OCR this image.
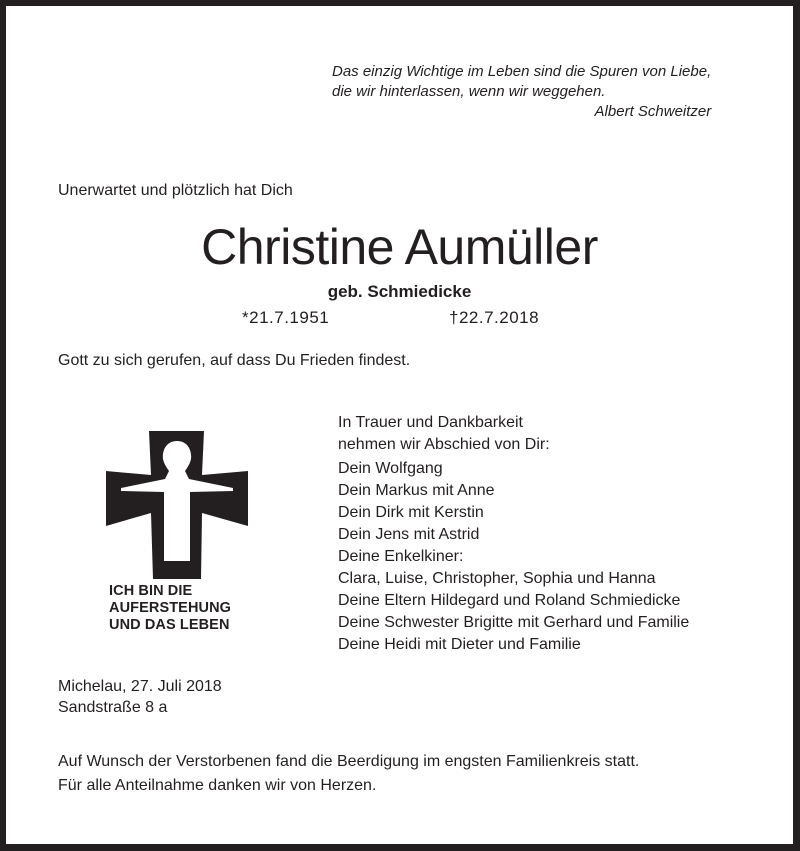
Das einzig Wichtige im Leben sind die Spuren von Liebe,
die wir hinterlassen, wenn wir weggehen.
Albert Schweitzer
Unerwartet und plötzlich hat Dich
Christine Aumüller
geb. Schmiedicke
*21.7.1951	†22.7.2018
Gott zu sich gerufen, auf dass Du Frieden findest.
ICH BIN DIE
AUFERSTEHUNG
UND DAS LEBEN
In Trauer und Dankbarkeit
nehmen wir Abschied von Dir:
Dein Wolfgang
Dein Markus mit Anne
Dein Dirk mit Kerstin
Dein Jens mit Astrid
Deine Enkelkiner:
Clara, Luise, Christopher, Sophia und Hanna
Deine Eltern Hildegard und Roland Schmiedicke
Deine Schwester Brigitte mit Gerhard und Familie
Deine Heidi mit Dieter und Familie
Michelau, 27. Juli 2018
Sandstraße 8 a
Auf Wunsch der Verstorbenen fand die Beerdigung im engsten Familienkreis statt.
Für alle Anteilnahme danken wir von Herzen.
